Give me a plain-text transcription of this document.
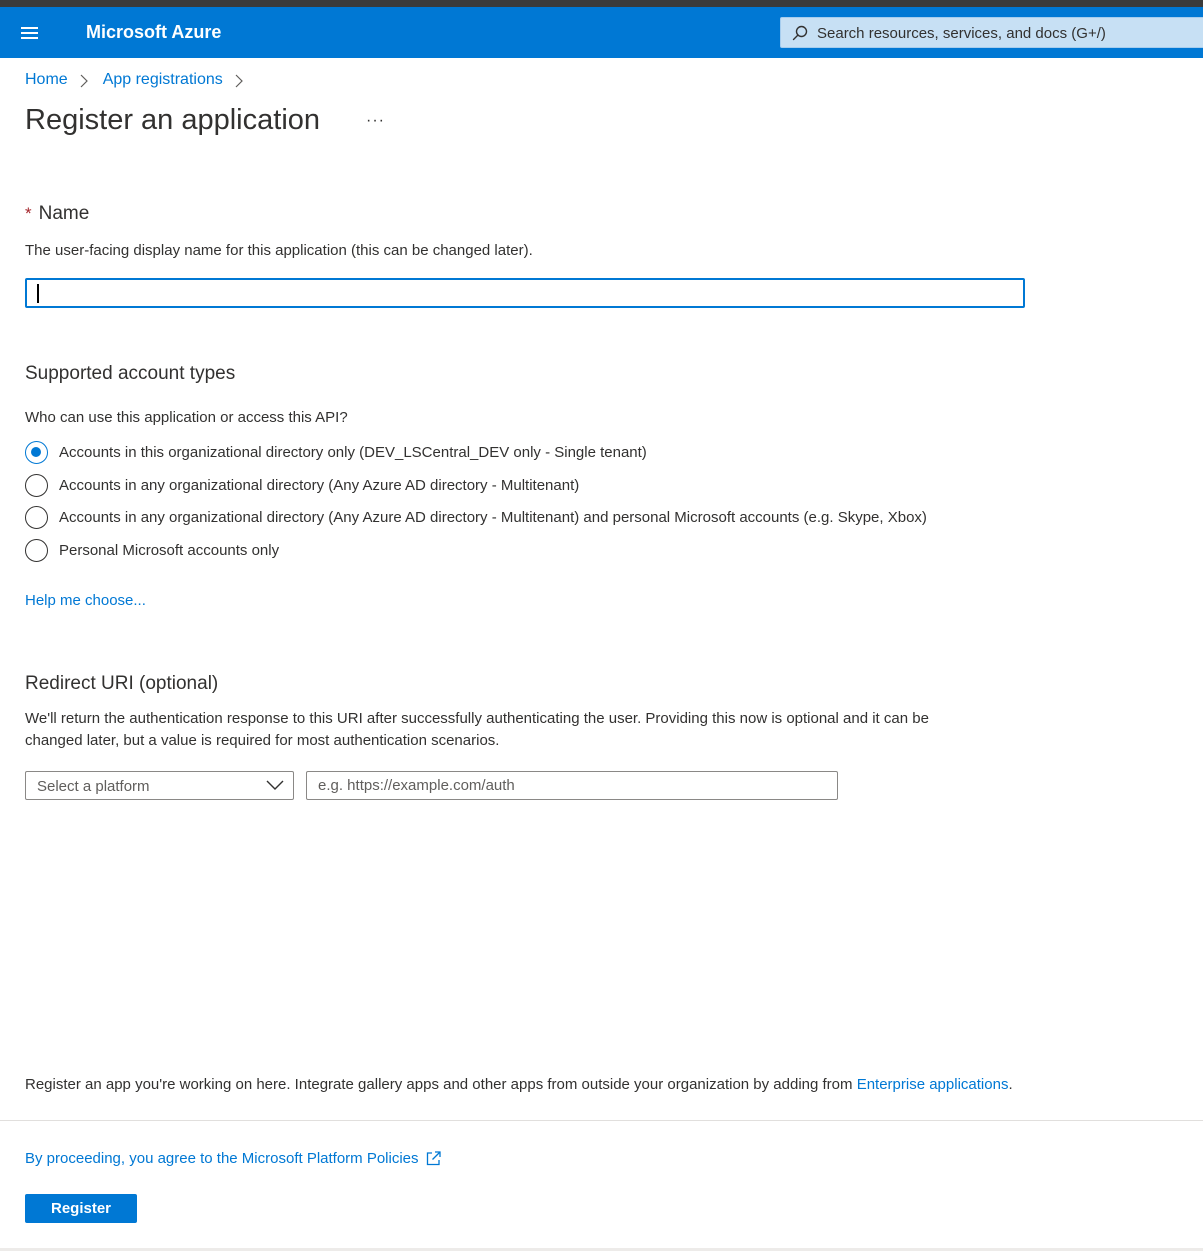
Microsoft Azure
Search resources, services, and docs (G+/)
Home App registrations
Register an application	···
* Name
The user-facing display name for this application (this can be changed later).
Supported account types
Who can use this application or access this API?
Accounts in this organizational directory only (DEV_LSCentral_DEV only - Single tenant)
Accounts in any organizational directory (Any Azure AD directory - Multitenant)
Accounts in any organizational directory (Any Azure AD directory - Multitenant) and personal Microsoft accounts (e.g. Skype, Xbox)
Personal Microsoft accounts only
Help me choose...
Redirect URI (optional)
We'll return the authentication response to this URI after successfully authenticating the user. Providing this now is optional and it can be
changed later, but a value is required for most authentication scenarios.
Select a platform
e.g. https://example.com/auth
Register an app you're working on here. Integrate gallery apps and other apps from outside your organization by adding from Enterprise applications.
By proceeding, you agree to the Microsoft Platform Policies
Register
